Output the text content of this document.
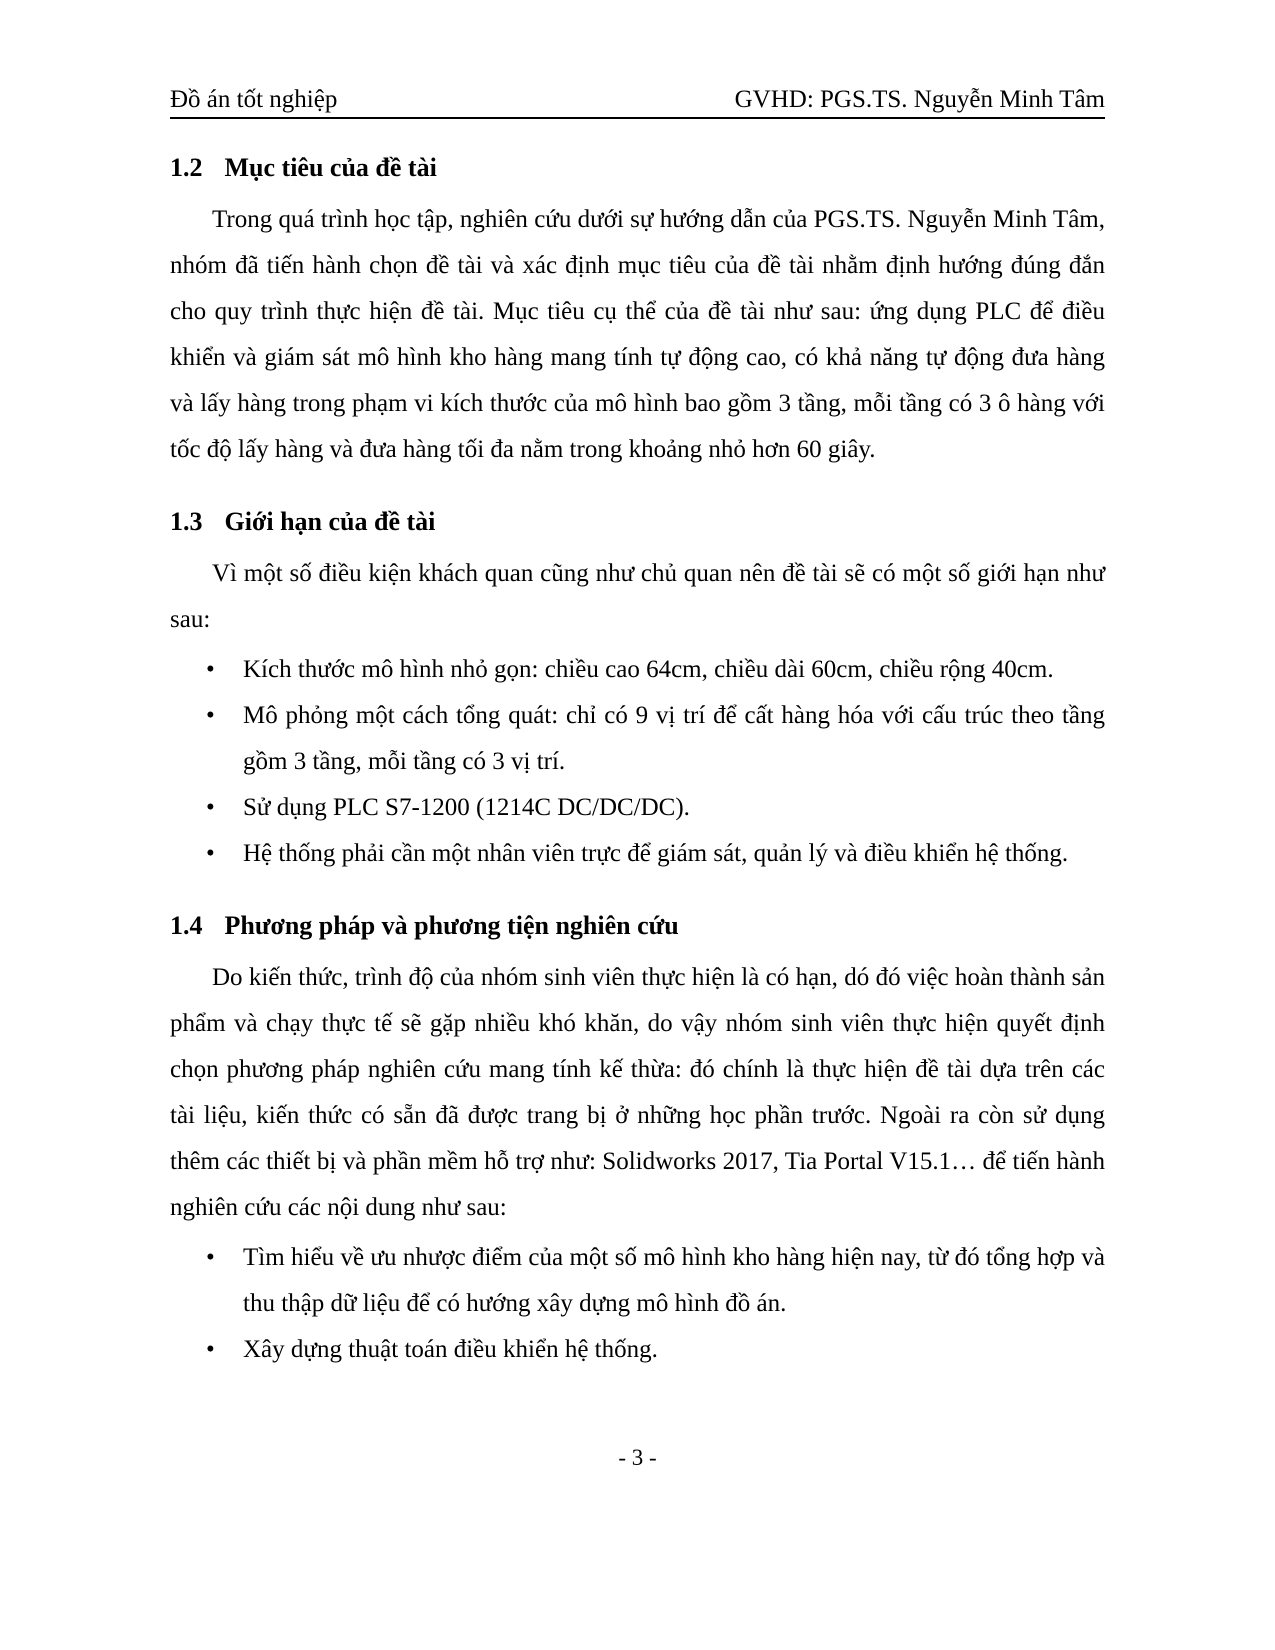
Đồ án tốt nghiệp	GVHD: PGS.TS. Nguyễn Minh Tâm
1.2 Mục tiêu của đề tài

Trong quá trình học tập, nghiên cứu dưới sự hướng dẫn của PGS.TS. Nguyễn Minh Tâm, nhóm đã tiến hành chọn đề tài và xác định mục tiêu của đề tài nhằm định hướng đúng đắn cho quy trình thực hiện đề tài. Mục tiêu cụ thể của đề tài như sau: ứng dụng PLC để điều khiển và giám sát mô hình kho hàng mang tính tự động cao, có khả năng tự động đưa hàng và lấy hàng trong phạm vi kích thước của mô hình bao gồm 3 tầng, mỗi tầng có 3 ô hàng với tốc độ lấy hàng và đưa hàng tối đa nằm trong khoảng nhỏ hơn 60 giây.

1.3 Giới hạn của đề tài

Vì một số điều kiện khách quan cũng như chủ quan nên đề tài sẽ có một số giới hạn như sau:

• Kích thước mô hình nhỏ gọn: chiều cao 64cm, chiều dài 60cm, chiều rộng 40cm.
• Mô phỏng một cách tổng quát: chỉ có 9 vị trí để cất hàng hóa với cấu trúc theo tầng gồm 3 tầng, mỗi tầng có 3 vị trí.
• Sử dụng PLC S7-1200 (1214C DC/DC/DC).
• Hệ thống phải cần một nhân viên trực để giám sát, quản lý và điều khiển hệ thống.
1.4 Phương pháp và phương tiện nghiên cứu

Do kiến thức, trình độ của nhóm sinh viên thực hiện là có hạn, dó đó việc hoàn thành sản phẩm và chạy thực tế sẽ gặp nhiều khó khăn, do vậy nhóm sinh viên thực hiện quyết định chọn phương pháp nghiên cứu mang tính kế thừa: đó chính là thực hiện đề tài dựa trên các tài liệu, kiến thức có sẵn đã được trang bị ở những học phần trước. Ngoài ra còn sử dụng thêm các thiết bị và phần mềm hỗ trợ như: Solidworks 2017, Tia Portal V15.1… để tiến hành nghiên cứu các nội dung như sau:

• Tìm hiểu về ưu nhược điểm của một số mô hình kho hàng hiện nay, từ đó tổng hợp và thu thập dữ liệu để có hướng xây dựng mô hình đồ án.
• Xây dựng thuật toán điều khiển hệ thống.
- 3 -
